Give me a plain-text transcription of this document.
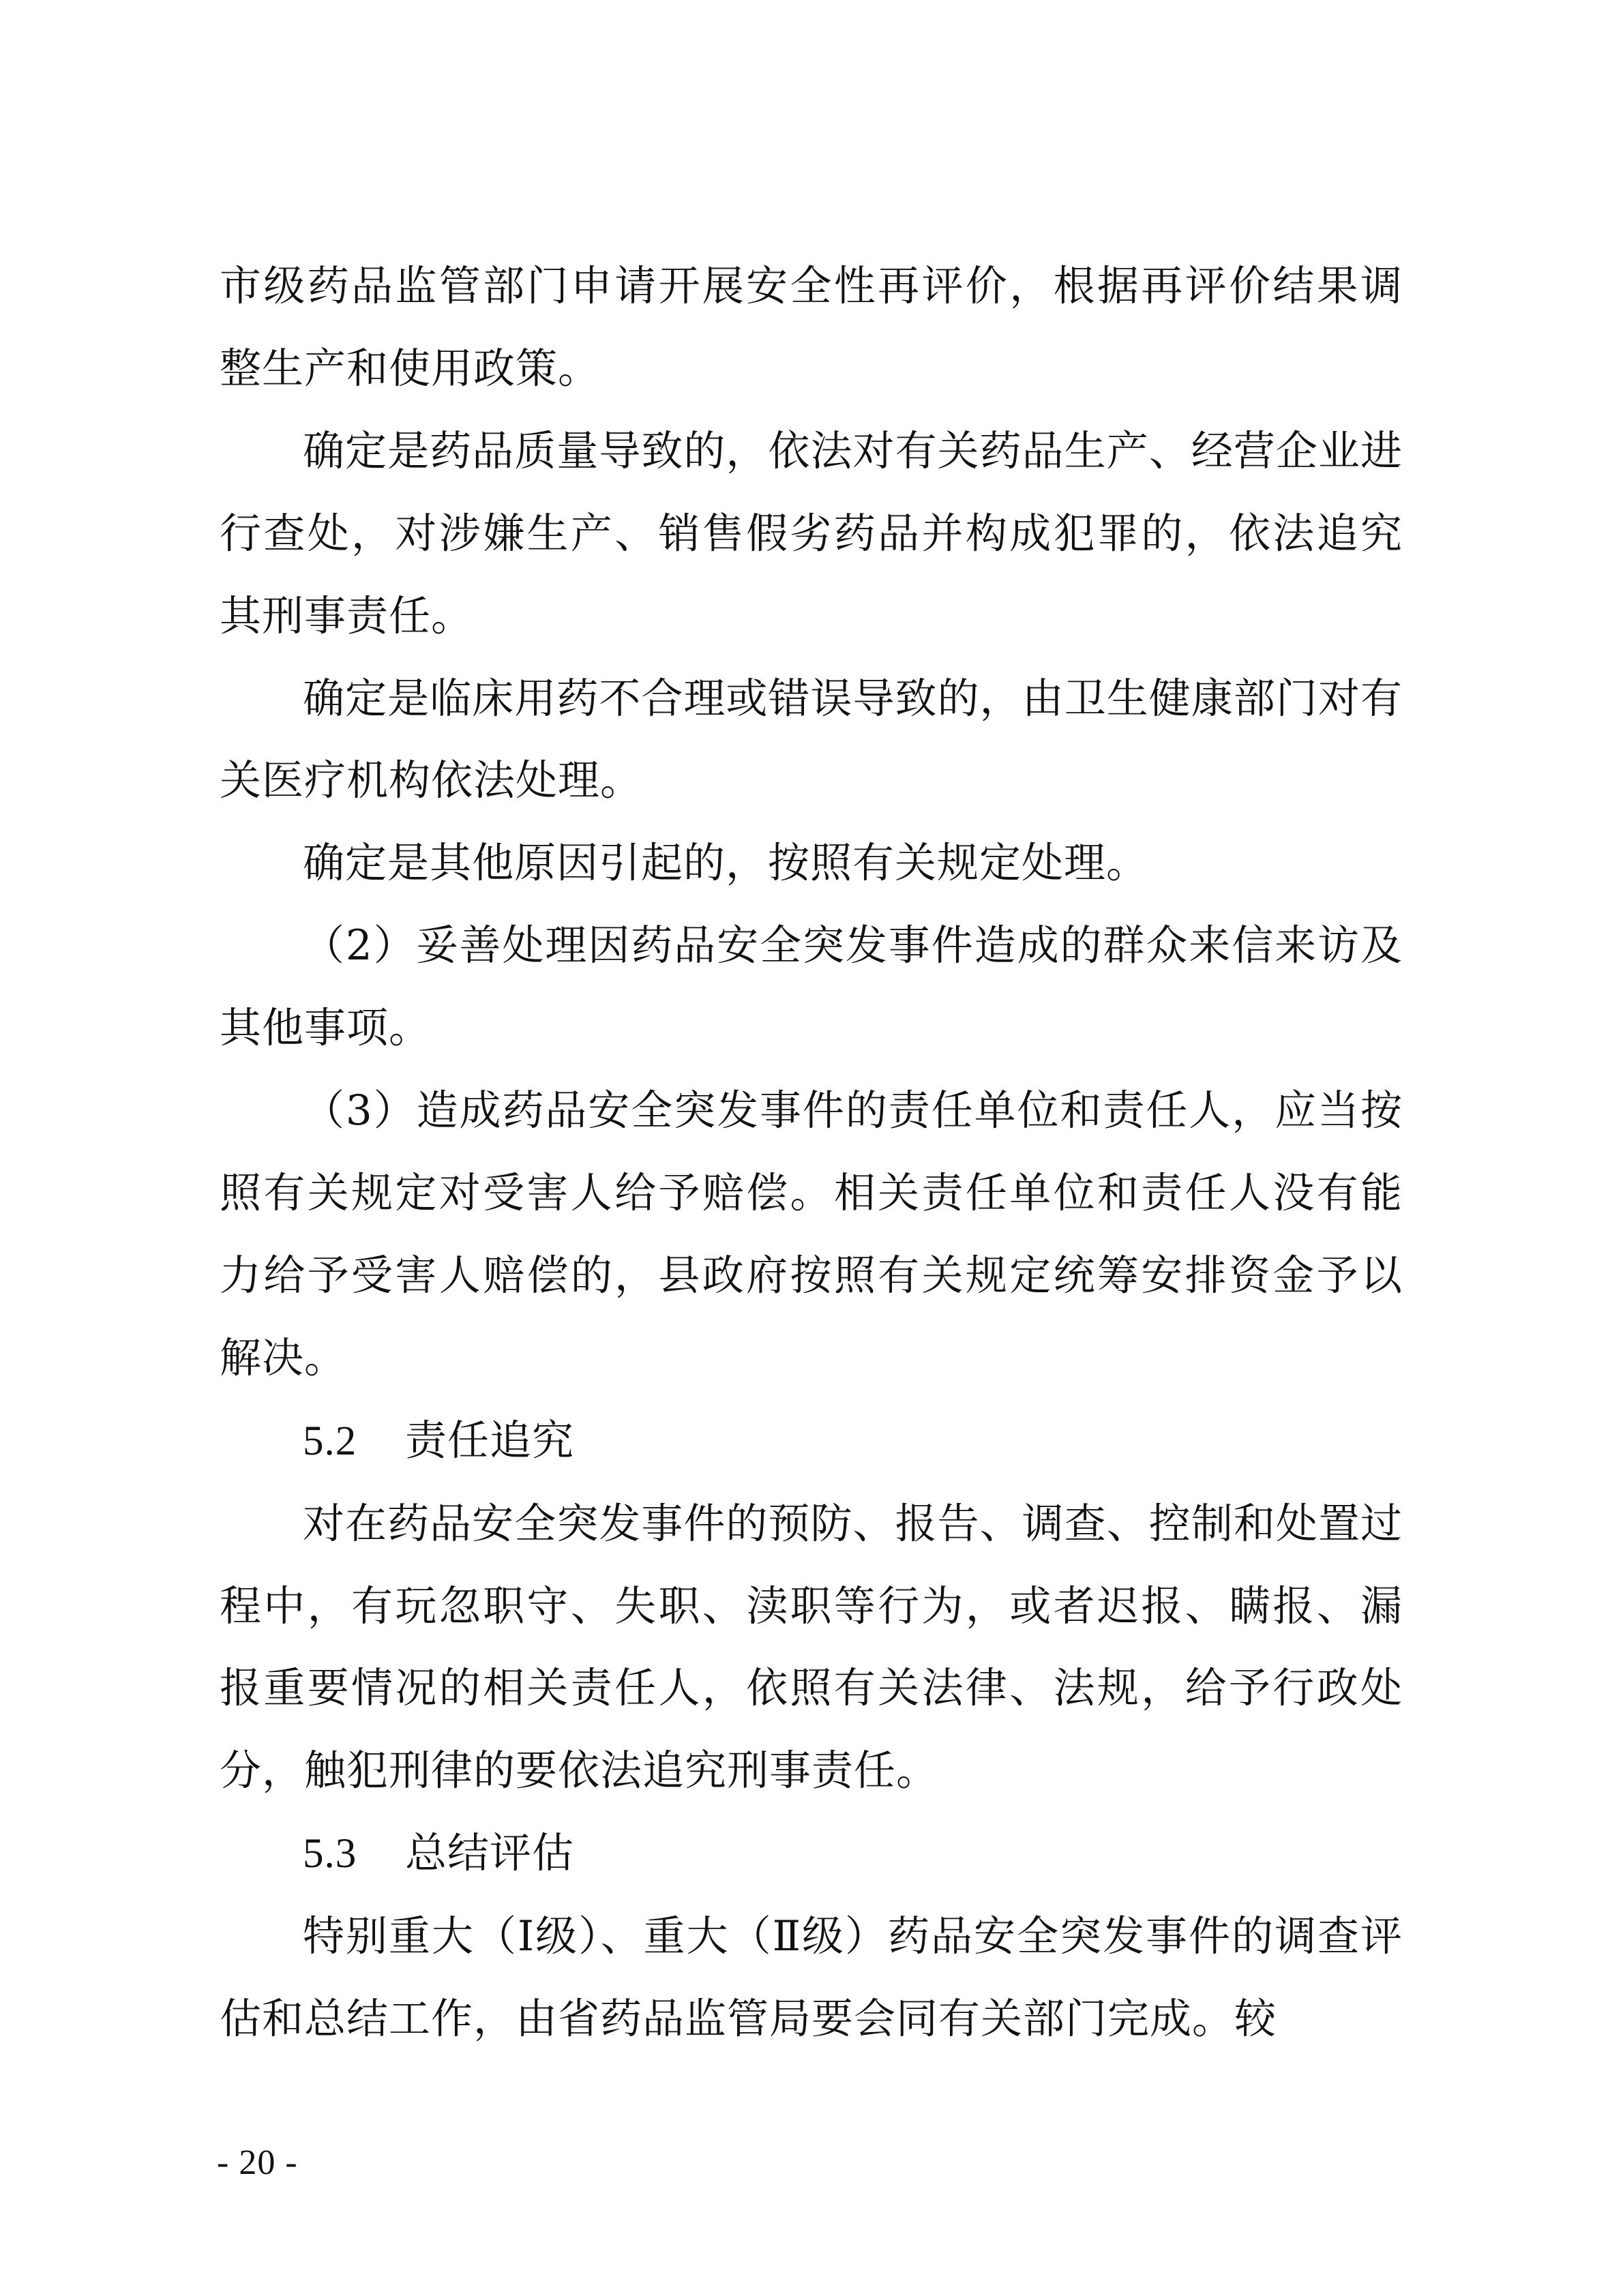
市级药品监管部门申请开展安全性再评价，根据再评价结果调整生产和使用政策。

确定是药品质量导致的，依法对有关药品生产、经营企业进行查处，对涉嫌生产、销售假劣药品并构成犯罪的，依法追究其刑事责任。

确定是临床用药不合理或错误导致的，由卫生健康部门对有关医疗机构依法处理。

确定是其他原因引起的，按照有关规定处理。

（2）妥善处理因药品安全突发事件造成的群众来信来访及其他事项。

（3）造成药品安全突发事件的责任单位和责任人，应当按照有关规定对受害人给予赔偿。相关责任单位和责任人没有能力给予受害人赔偿的，县政府按照有关规定统筹安排资金予以解决。

5.2 责任追究

对在药品安全突发事件的预防、报告、调查、控制和处置过程中，有玩忽职守、失职、渎职等行为，或者迟报、瞒报、漏报重要情况的相关责任人，依照有关法律、法规，给予行政处分，触犯刑律的要依法追究刑事责任。

5.3 总结评估

特别重大（Ⅰ级）、重大（Ⅱ级）药品安全突发事件的调查评估和总结工作，由省药品监管局要会同有关部门完成。较

- 20 -
